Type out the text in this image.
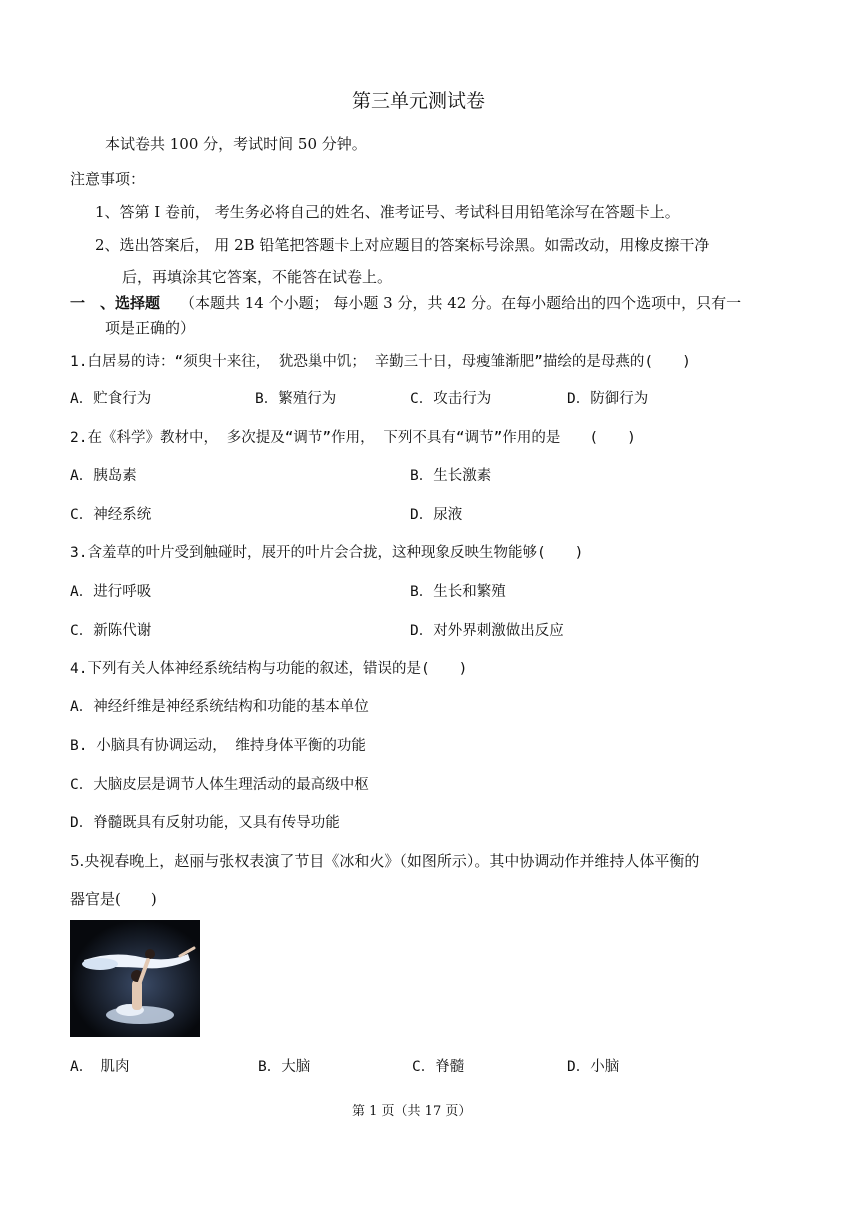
第三单元测试卷
本试卷共 100 分，考试时间 50 分钟。
注意事项：
1、答第 I 卷前， 考生务必将自己的姓名、准考证号、考试科目用铅笔涂写在答题卡上。
2、选出答案后， 用 2B 铅笔把答题卡上对应题目的答案标号涂黑。如需改动，用橡皮擦干净
后，再填涂其它答案，不能答在试卷上。
一 、选择题 （本题共 14 个小题； 每小题 3 分，共 42 分。在每小题给出的四个选项中，只有一
项是正确的）
1.白居易的诗：“须臾十来往， 犹恐巢中饥； 辛勤三十日，母瘦雏渐肥”描绘的是母燕的(　　)
A．贮食行为	B．繁殖行为	C．攻击行为	D．防御行为
2.在《科学》教材中， 多次提及“调节”作用， 下列不具有“调节”作用的是　　(　　)
A．胰岛素	B．生长激素
C．神经系统	D．尿液
3.含羞草的叶片受到触碰时，展开的叶片会合拢，这种现象反映生物能够(　　)
A．进行呼吸	B．生长和繁殖
C．新陈代谢	D．对外界刺激做出反应
4.下列有关人体神经系统结构与功能的叙述，错误的是(　　)
A．神经纤维是神经系统结构和功能的基本单位
B. 小脑具有协调运动， 维持身体平衡的功能
C．大脑皮层是调节人体生理活动的最高级中枢
D．脊髓既具有反射功能，又具有传导功能
5.央视春晚上，赵丽与张权表演了节目《冰和火》（如图所示）。其中协调动作并维持人体平衡的
器官是(　　)
A．　肌肉	B．大脑	C．脊髓	D．小脑
第 1 页（共 17 页）
